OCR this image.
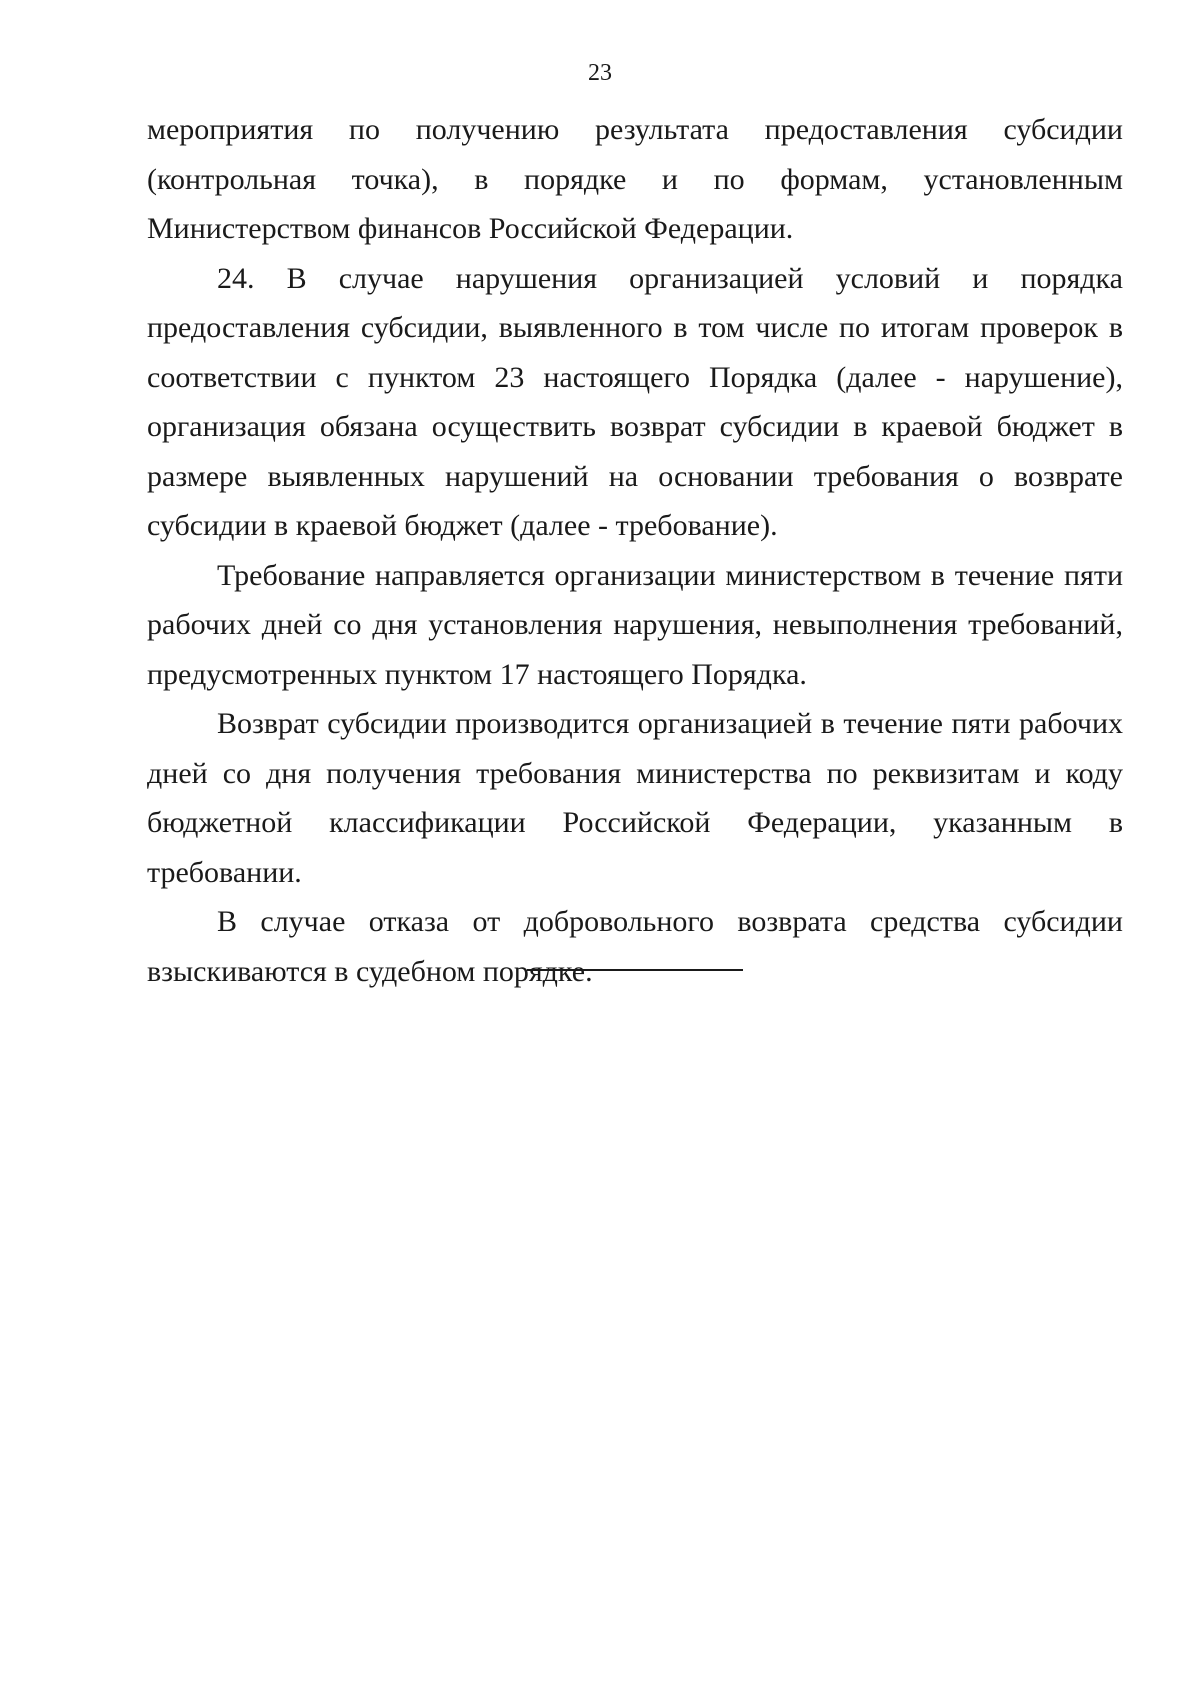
23

мероприятия по получению результата предоставления субсидии (контрольная точка), в порядке и по формам, установленным Министерством финансов Российской Федерации.

24. В случае нарушения организацией условий и порядка предоставления субсидии, выявленного в том числе по итогам проверок в соответствии с пунктом 23 настоящего Порядка (далее - нарушение), организация обязана осуществить возврат субсидии в краевой бюджет в размере выявленных нарушений на основании требования о возврате субсидии в краевой бюджет (далее - требование).

Требование направляется организации министерством в течение пяти рабочих дней со дня установления нарушения, невыполнения требований, предусмотренных пунктом 17 настоящего Порядка.

Возврат субсидии производится организацией в течение пяти рабочих дней со дня получения требования министерства по реквизитам и коду бюджетной классификации Российской Федерации, указанным в требовании.

В случае отказа от добровольного возврата средства субсидии взыскиваются в судебном порядке.
